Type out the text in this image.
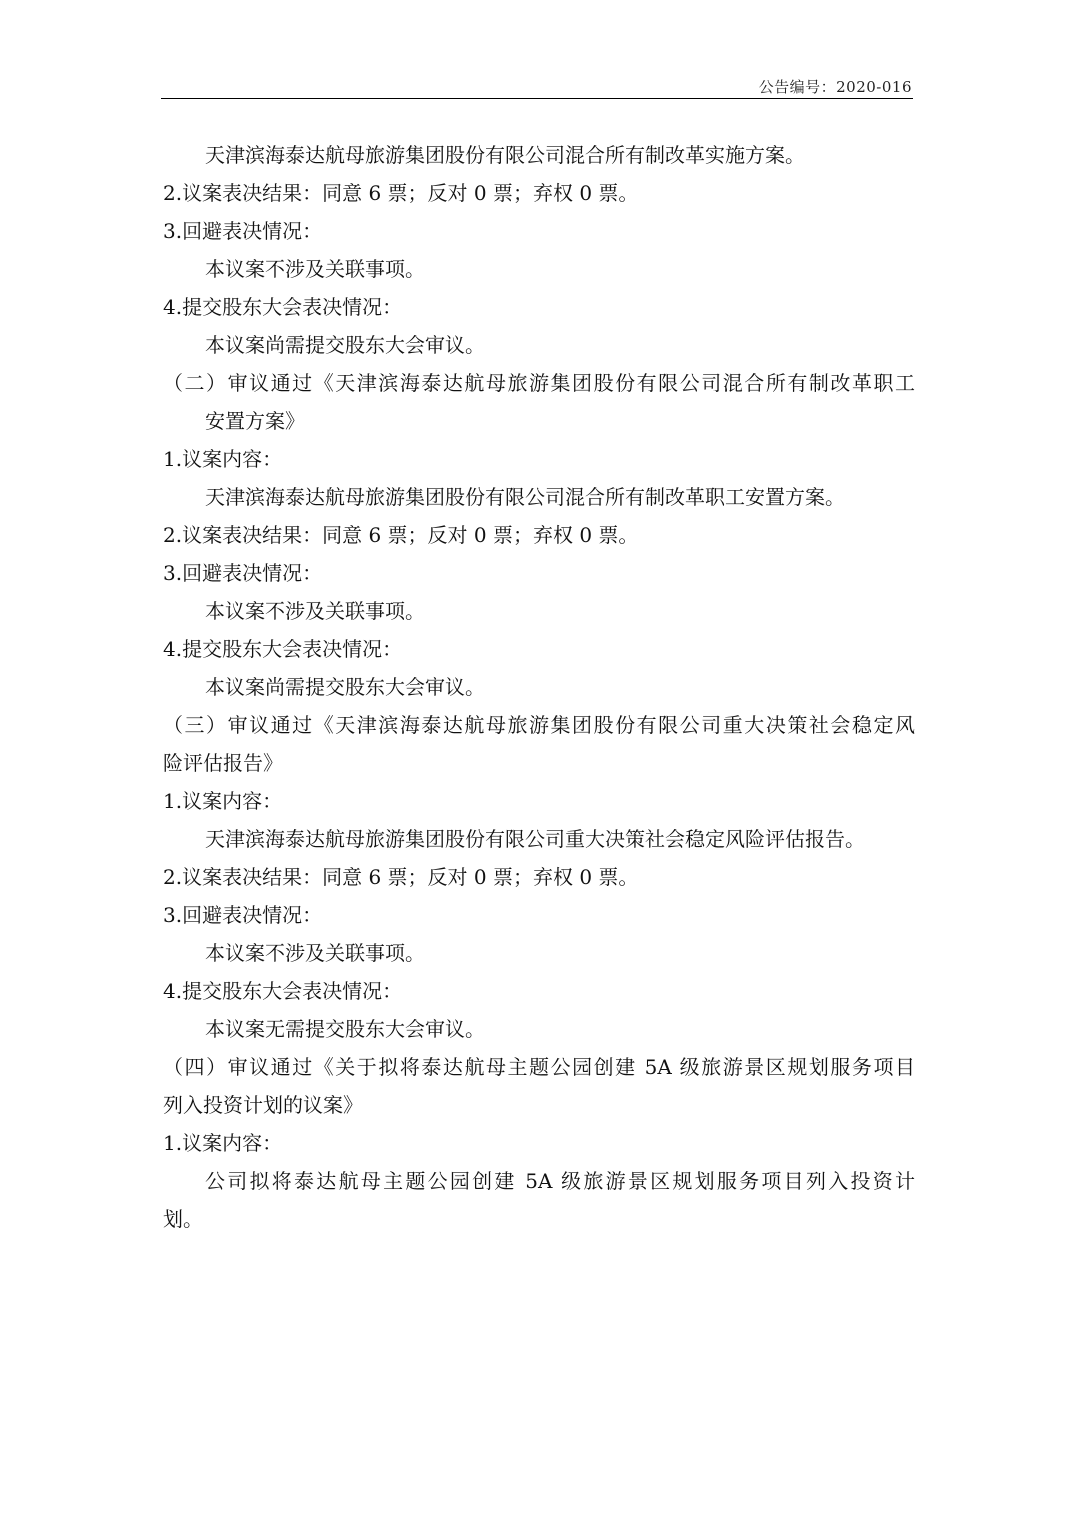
公告编号：2020-016
天津滨海泰达航母旅游集团股份有限公司混合所有制改革实施方案。
2.议案表决结果：同意 6 票；反对 0 票；弃权 0 票。
3.回避表决情况：
本议案不涉及关联事项。
4.提交股东大会表决情况：
本议案尚需提交股东大会审议。
（二）审议通过《天津滨海泰达航母旅游集团股份有限公司混合所有制改革职工
安置方案》
1.议案内容：
天津滨海泰达航母旅游集团股份有限公司混合所有制改革职工安置方案。
2.议案表决结果：同意 6 票；反对 0 票；弃权 0 票。
3.回避表决情况：
本议案不涉及关联事项。
4.提交股东大会表决情况：
本议案尚需提交股东大会审议。
（三）审议通过《天津滨海泰达航母旅游集团股份有限公司重大决策社会稳定风
险评估报告》
1.议案内容：
天津滨海泰达航母旅游集团股份有限公司重大决策社会稳定风险评估报告。
2.议案表决结果：同意 6 票；反对 0 票；弃权 0 票。
3.回避表决情况：
本议案不涉及关联事项。
4.提交股东大会表决情况：
本议案无需提交股东大会审议。
（四）审议通过《关于拟将泰达航母主题公园创建 5A 级旅游景区规划服务项目
列入投资计划的议案》
1.议案内容：
公司拟将泰达航母主题公园创建 5A 级旅游景区规划服务项目列入投资计
划。
